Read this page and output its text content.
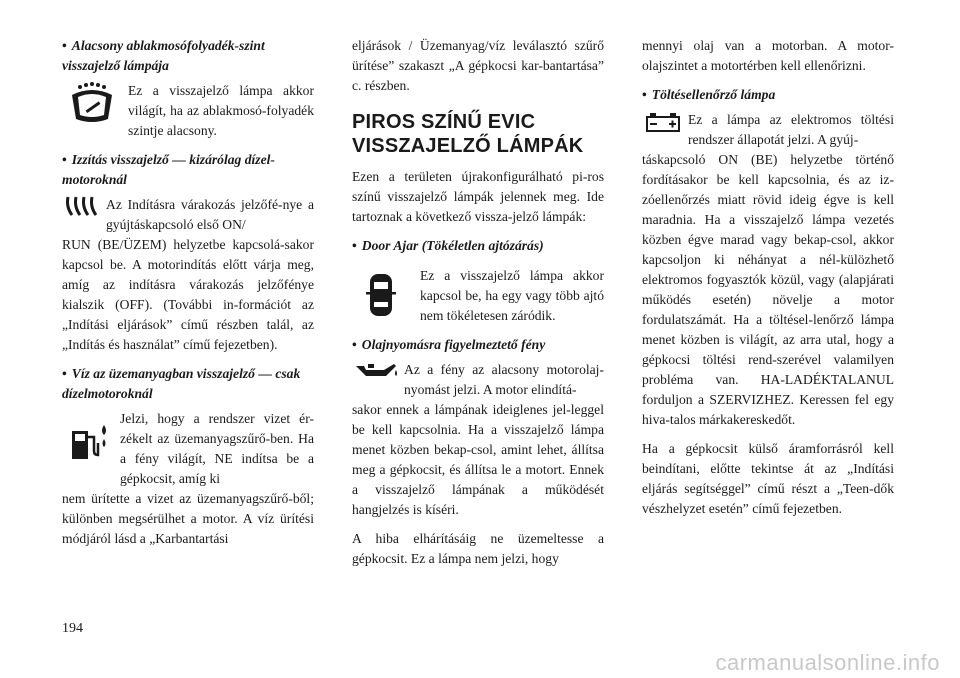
• Alacsony ablakmosófolyadék-szint visszajelző lámpája

Ez a visszajelző lámpa akkor világít, ha az ablakmosó-folyadék szintje alacsony.

• Izzítás visszajelző — kizárólag dízel-motoroknál

Az Indításra várakozás jelzőfé-nye a gyújtáskapcsoló első ON/

RUN (BE/ÜZEM) helyzetbe kapcsolá-sakor kapcsol be. A motorindítás előtt várja meg, amíg az indításra várakozás jelzőfénye kialszik (OFF). (További in-formációt az „Indítási eljárások” című részben talál, az „Indítás és használat” című fejezetben).

• Víz az üzemanyagban visszajelző — csak dízelmotoroknál

Jelzi, hogy a rendszer vizet ér-zékelt az üzemanyagszűrő-ben. Ha a fény világít, NE indítsa be a gépkocsit, amíg ki

nem ürítette a vizet az üzemanyagszűrő-ből; különben megsérülhet a motor. A víz ürítési módjáról lásd a „Karbantartási

eljárások / Üzemanyag/víz leválasztó szűrő ürítése” szakaszt „A gépkocsi kar-bantartása” c. részben.

PIROS SZÍNŰ EVIC VISSZAJELZŐ LÁMPÁK

Ezen a területen újrakonfigurálható pi-ros színű visszajelző lámpák jelennek meg. Ide tartoznak a következő vissza-jelző lámpák:

• Door Ajar (Tökéletlen ajtózárás)

Ez a visszajelző lámpa akkor kapcsol be, ha egy vagy több ajtó nem tökéletesen záródik.

• Olajnyomásra figyelmeztető fény

Az a fény az alacsony motorolaj-nyomást jelzi. A motor elindítá-

sakor ennek a lámpának ideiglenes jel-leggel be kell kapcsolnia. Ha a visszajelző lámpa menet közben bekap-csol, amint lehet, állítsa meg a gépkocsit, és állítsa le a motort. Ennek a visszajelző lámpának a működését hangjelzés is kíséri.

A hiba elhárításáig ne üzemeltesse a gépkocsit. Ez a lámpa nem jelzi, hogy

mennyi olaj van a motorban. A motor-olajszintet a motortérben kell ellenőrizni.

• Töltésellenőrző lámpa

Ez a lámpa az elektromos töltési rendszer állapotát jelzi. A gyúj-

táskapcsoló ON (BE) helyzetbe történő fordításakor be kell kapcsolnia, és az iz-zóellenőrzés miatt rövid ideig égve is kell maradnia. Ha a visszajelző lámpa vezetés közben égve marad vagy bekap-csol, akkor kapcsoljon ki néhányat a nél-külözhető elektromos fogyasztók közül, vagy (alapjárati működés esetén) növelje a motor fordulatszámát. Ha a töltésel-lenőrző lámpa menet közben is világít, az arra utal, hogy a gépkocsi töltési rend-szerével valamilyen probléma van. HA-LADÉKTALANUL forduljon a SZERVIZHEZ. Keressen fel egy hiva-talos márkakereskedőt.

Ha a gépkocsit külső áramforrásról kell beindítani, előtte tekintse át az „Indítási eljárás segítséggel” című részt a „Teen-dők vészhelyzet esetén” című fejezetben.

194
carmanualsonline.info
